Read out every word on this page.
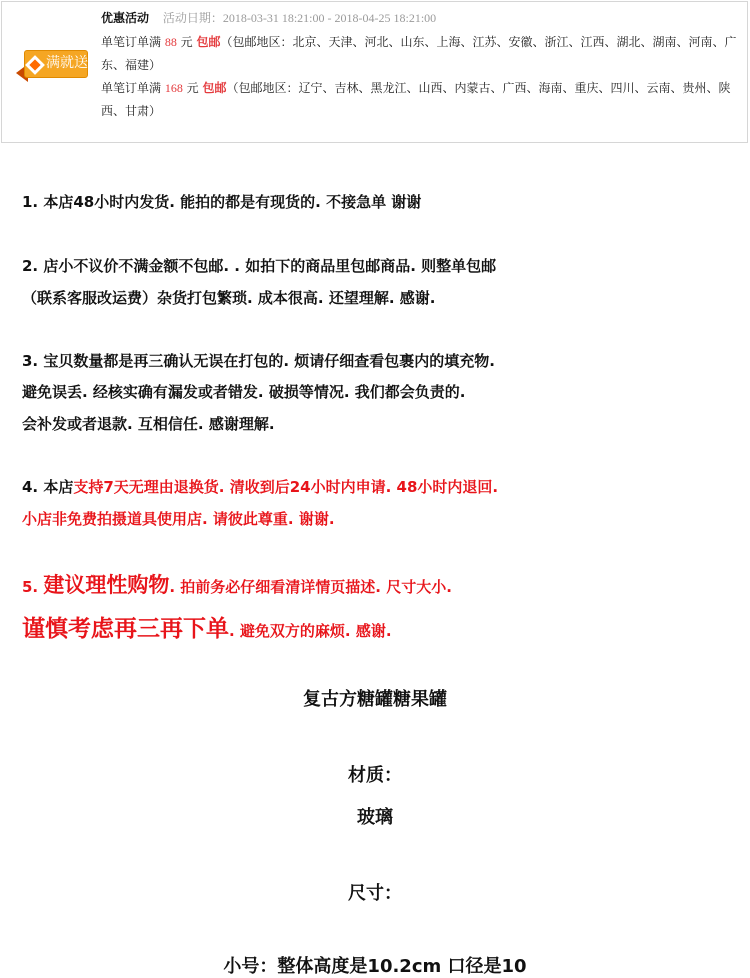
满就送
优惠活动 活动日期：2018-03-31 18:21:00 - 2018-04-25 18:21:00
单笔订单满 88 元 包邮（包邮地区：北京、天津、河北、山东、上海、江苏、安徽、浙江、江西、湖北、湖南、河南、广东、福建）
单笔订单满 168 元 包邮（包邮地区：辽宁、吉林、黑龙江、山西、内蒙古、广西、海南、重庆、四川、云南、贵州、陕西、甘肃）
1. 本店48小时内发货. 能拍的都是有现货的. 不接急单 谢谢
2. 店小不议价不满金额不包邮. . 如拍下的商品里包邮商品. 则整单包邮
（联系客服改运费）杂货打包繁琐. 成本很高. 还望理解. 感谢.
3. 宝贝数量都是再三确认无误在打包的. 烦请仔细查看包裹内的填充物.
避免误丢. 经核实确有漏发或者错发. 破损等情况. 我们都会负责的.
会补发或者退款. 互相信任. 感谢理解.
4. 本店支持7天无理由退换货. 清收到后24小时内申请. 48小时内退回.
小店非免费拍摄道具使用店. 请彼此尊重. 谢谢.
5. 建议理性购物. 拍前务必仔细看清详情页描述. 尺寸大小.
谨慎考虑再三再下单. 避免双方的麻烦. 感谢.
复古方糖罐糖果罐
材质：
玻璃
尺寸：
小号：整体高度是10.2cm 口径是10
